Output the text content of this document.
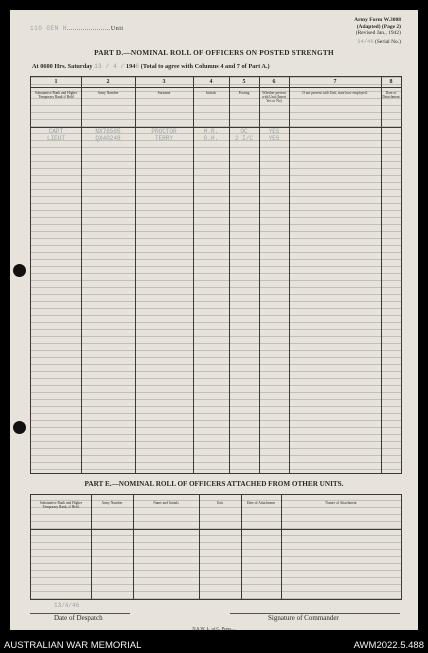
110 GEN H......................Unit
Army Form W.3008
(Adapted) (Page 2)
(Revised Jan., 1942)
34/46 (Serial No.)
PART D.—NOMINAL ROLL OF OFFICERS ON POSTED STRENGTH
At 0600 Hrs. Saturday 13 / 4 / 1946 (Total to agree with Columns 4 and 7 of Part A.)
1	2	3	4	5	6	7	8
Substantive Rank and Higher Temporary Rank if Held
Army Number	Surname	Initials	Posting	Whether present with Unit (Insert Yes or No)
If not present with Unit, state how employed.	Date of Detachment
CAPT	NX76505	PROCTOR	H.R.	OC	YES
LIEUT	QX40248	TERRY	G.H.	2 I/C	YES
PART E.—NOMINAL ROLL OF OFFICERS ATTACHED FROM OTHER UNITS.
Substantive Rank and Higher Temporary Rank, if Held.
Army Number	Name and Initials	Unit	Date of Attachment	Nature of Attachment
13/4/46
Date of Despatch	Signature of Commander
N.S.W. L. of C. Press—
AUSTRALIAN WAR MEMORIAL	AWM2022.5.488
